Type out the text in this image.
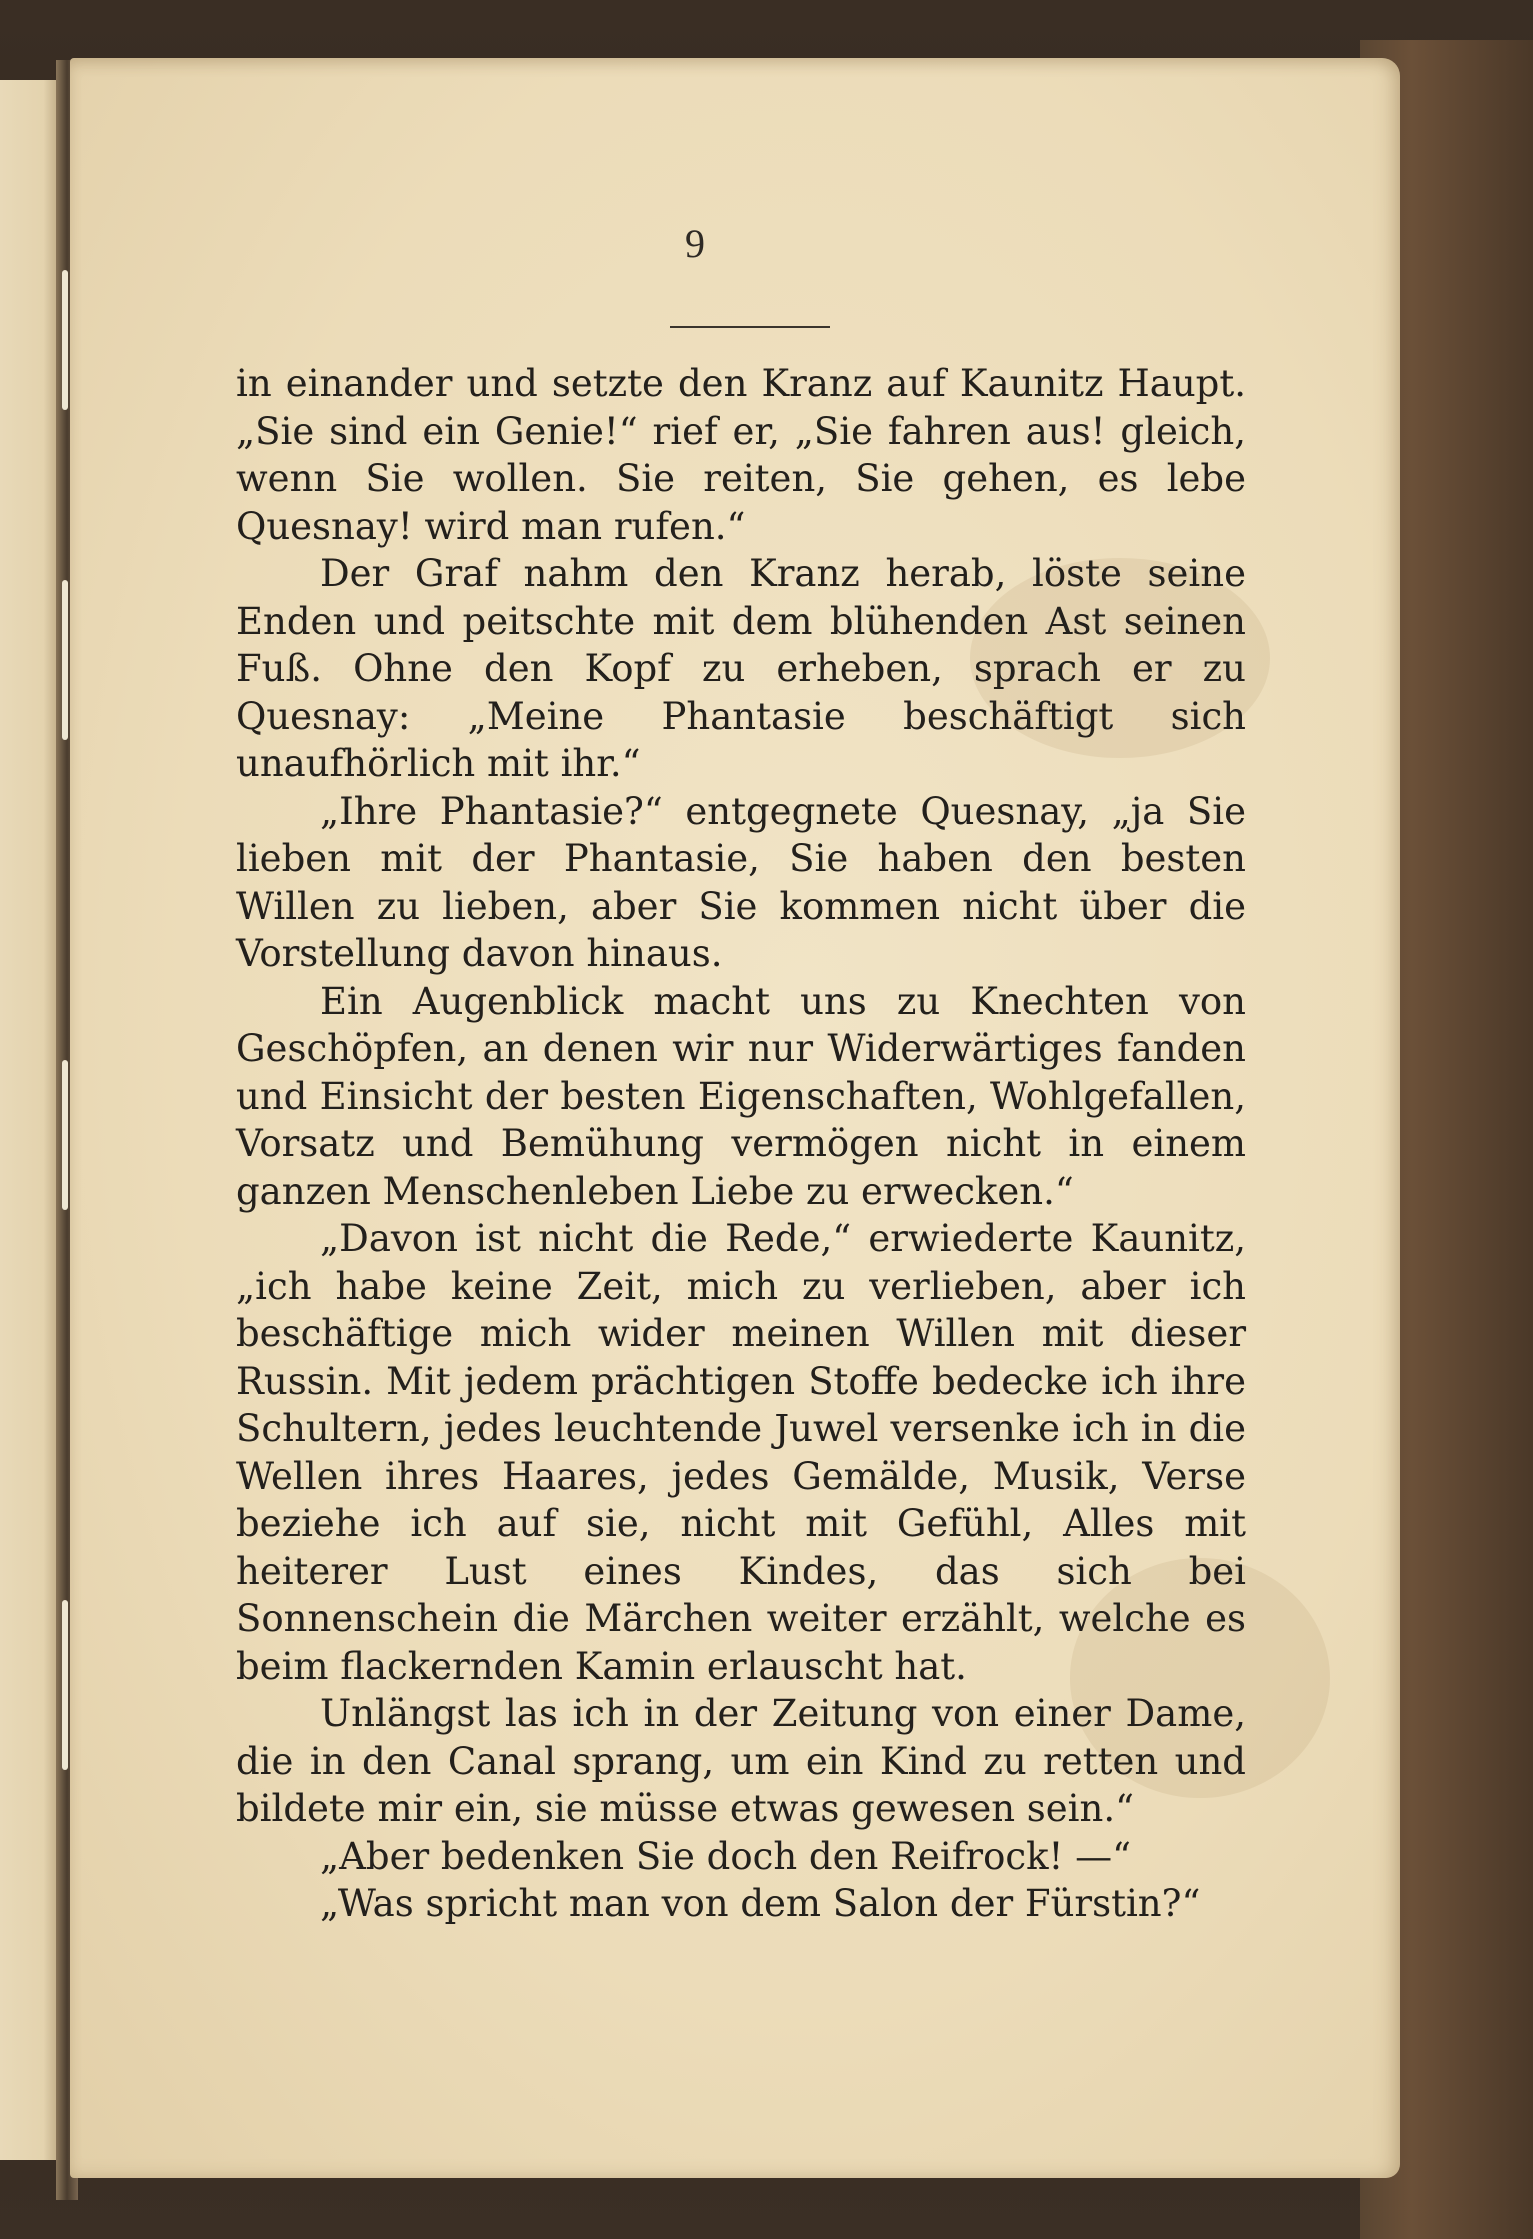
9

in einander und setzte den Kranz auf Kaunitz Haupt. „Sie sind ein Genie!“ rief er, „Sie fahren aus! gleich, wenn Sie wollen. Sie reiten, Sie gehen, es lebe Quesnay! wird man rufen.“

Der Graf nahm den Kranz herab, löste seine Enden und peitschte mit dem blühenden Ast seinen Fuß. Ohne den Kopf zu erheben, sprach er zu Quesnay: „Meine Phantasie beschäftigt sich unaufhörlich mit ihr.“

„Ihre Phantasie?“ entgegnete Quesnay, „ja Sie lieben mit der Phantasie, Sie haben den besten Willen zu lieben, aber Sie kommen nicht über die Vorstellung davon hinaus.

Ein Augenblick macht uns zu Knechten von Geschöpfen, an denen wir nur Widerwärtiges fanden und Einsicht der besten Eigenschaften, Wohlgefallen, Vorsatz und Bemühung vermögen nicht in einem ganzen Menschenleben Liebe zu erwecken.“

„Davon ist nicht die Rede,“ erwiederte Kaunitz, „ich habe keine Zeit, mich zu verlieben, aber ich beschäftige mich wider meinen Willen mit dieser Russin. Mit jedem prächtigen Stoffe bedecke ich ihre Schultern, jedes leuchtende Juwel versenke ich in die Wellen ihres Haares, jedes Gemälde, Musik, Verse beziehe ich auf sie, nicht mit Gefühl, Alles mit heiterer Lust eines Kindes, das sich bei Sonnenschein die Märchen weiter erzählt, welche es beim flackernden Kamin erlauscht hat.

Unlängst las ich in der Zeitung von einer Dame, die in den Canal sprang, um ein Kind zu retten und bildete mir ein, sie müsse etwas gewesen sein.“

„Aber bedenken Sie doch den Reifrock! —“

„Was spricht man von dem Salon der Fürstin?“
